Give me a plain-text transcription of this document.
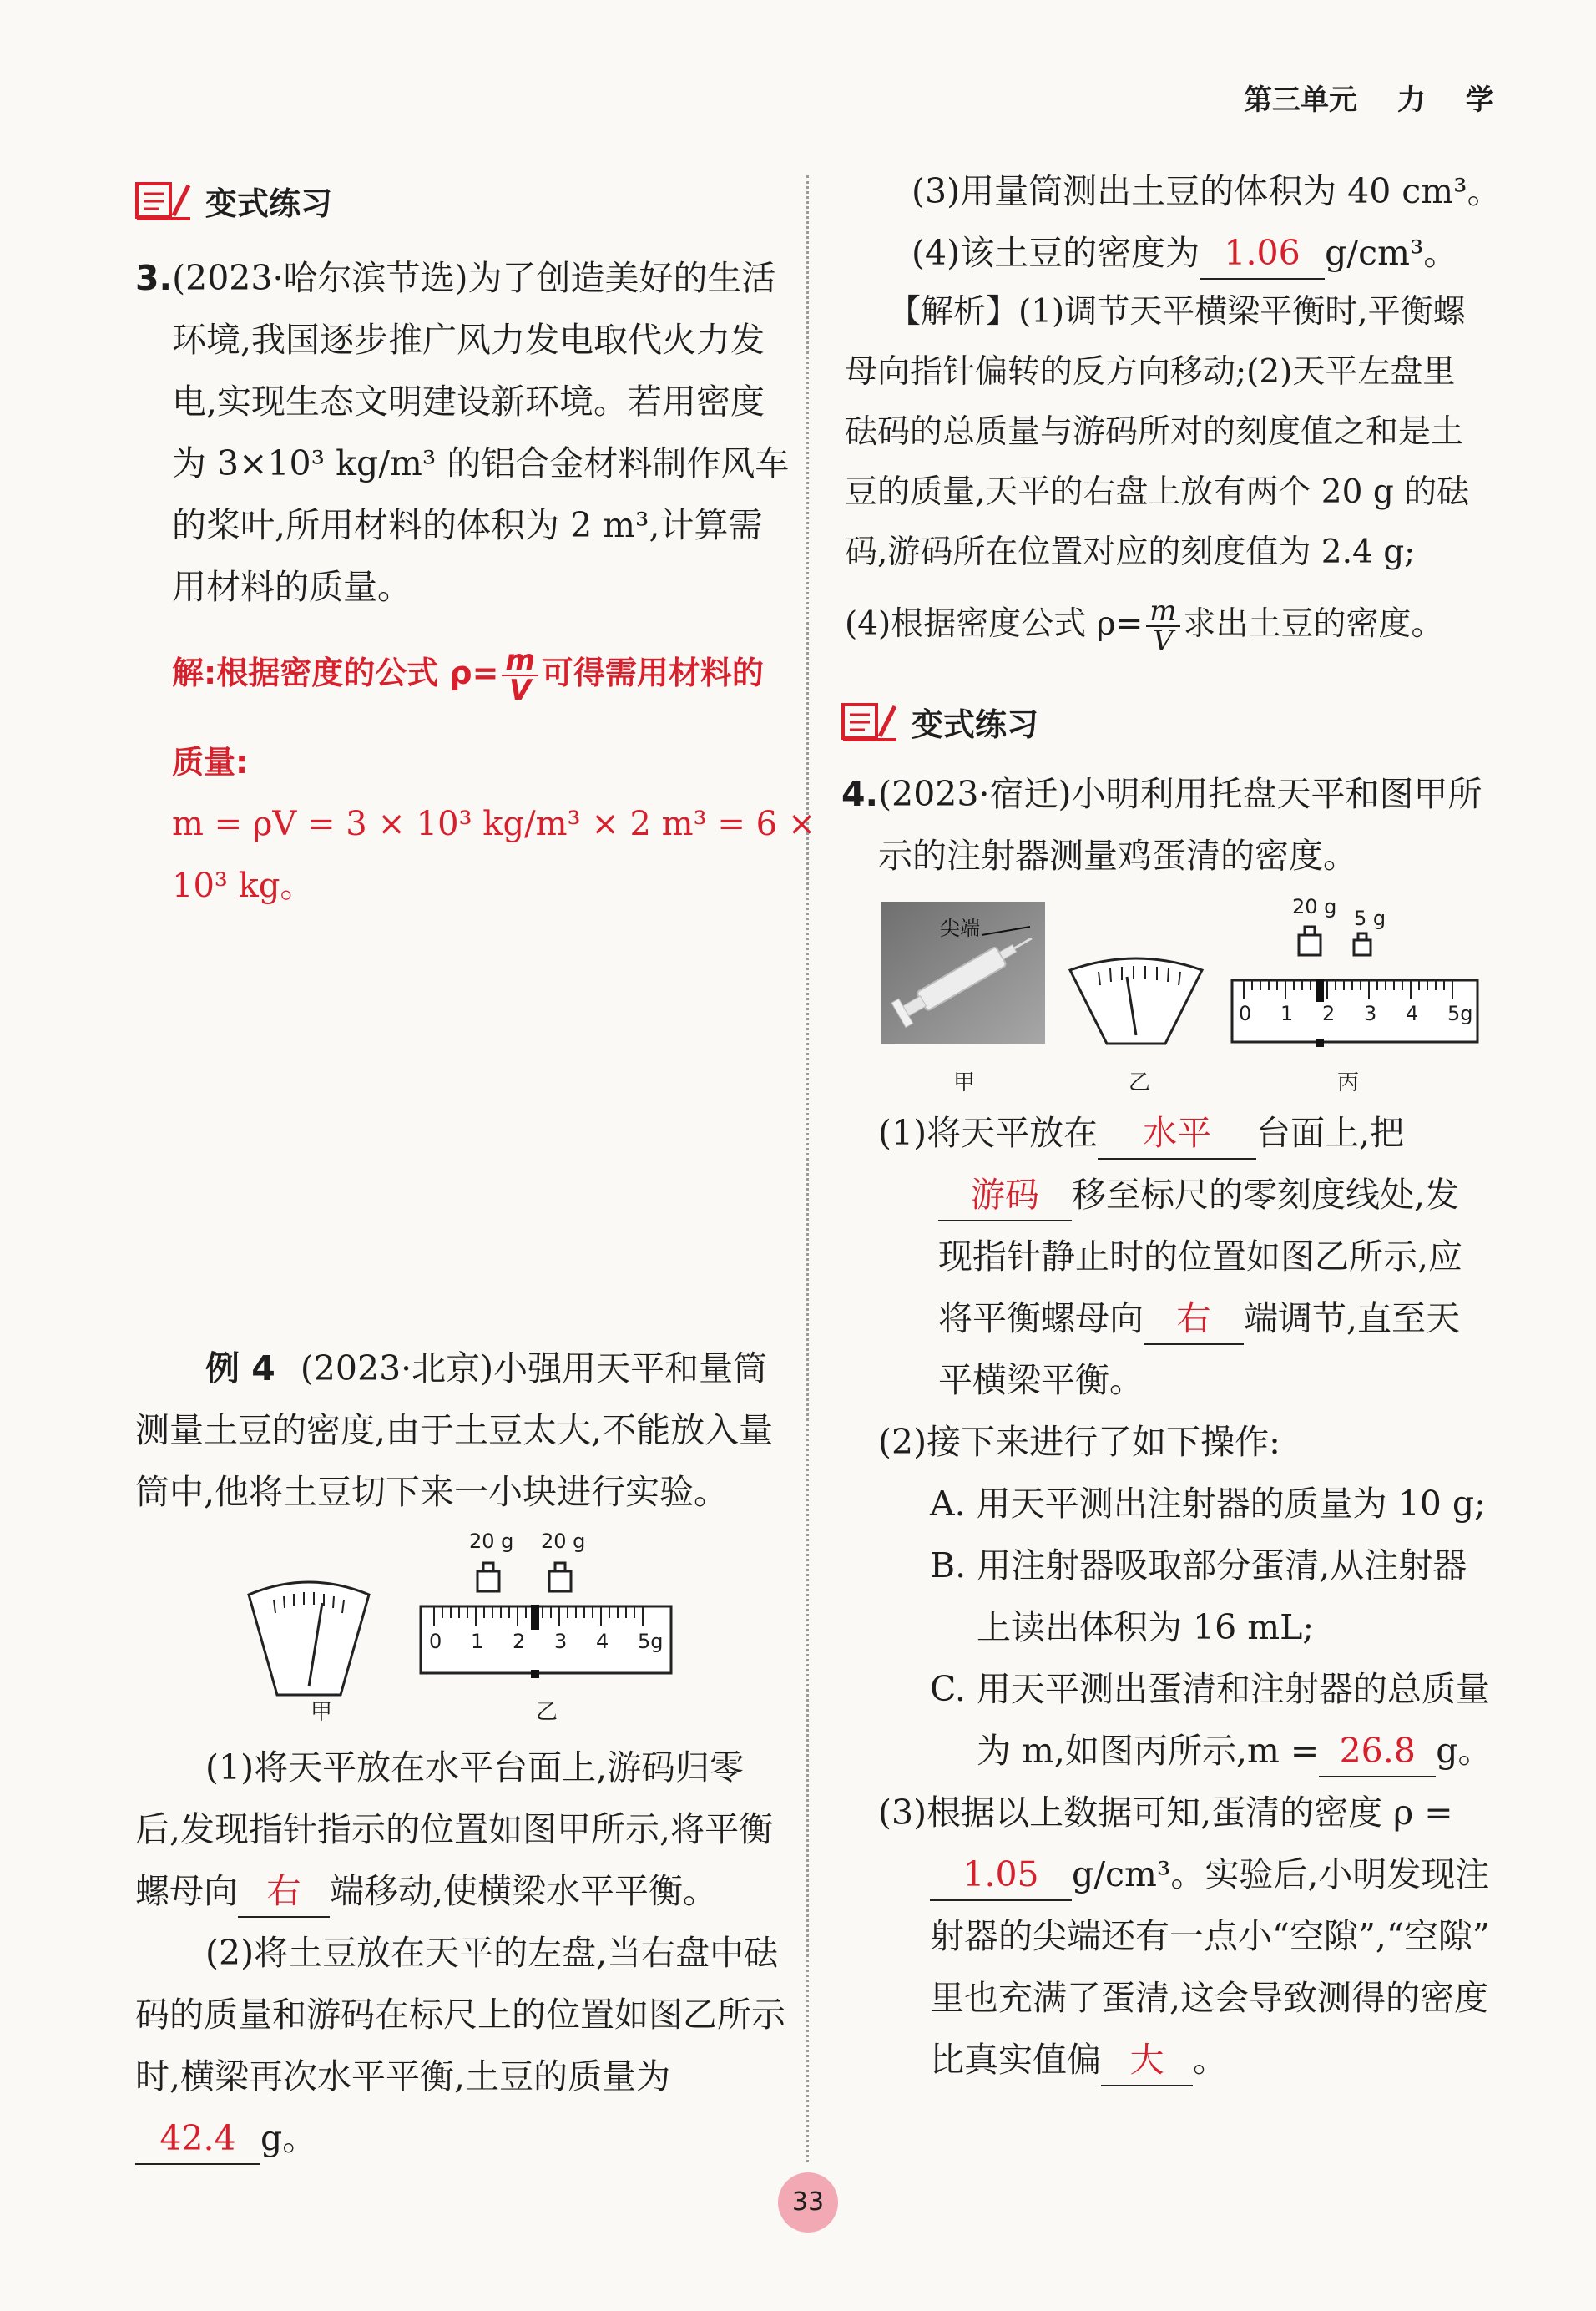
第三单元 力 学
变式练习
3.(2023·哈尔滨节选)为了创造美好的生活
环境,我国逐步推广风力发电取代火力发
电,实现生态文明建设新环境。若用密度
为 3×10³ kg/m³ 的铝合金材料制作风车
的桨叶,所用材料的体积为 2 m³,计算需
用材料的质量。
解:根据密度的公式 $\rho= \frac{m}{V}$ 可得需用材料的
质量:
m = ρV = 3 × 10³ kg/m³ × 2 m³ = 6 ×
10³ kg。
例 4 (2023·北京)小强用天平和量筒
测量土豆的密度,由于土豆太大,不能放入量
筒中,他将土豆切下来一小块进行实验。
甲
20 g 20 g
0	1	2	3	4	5g
乙
(1)将天平放在水平台面上,游码归零
后,发现指针指示的位置如图甲所示,将平衡
螺母向 右 端移动,使横梁水平平衡。
(2)将土豆放在天平的左盘,当右盘中砝
码的质量和游码在标尺上的位置如图乙所示
时,横梁再次水平平衡,土豆的质量为
42.4 g。
(3)用量筒测出土豆的体积为 40 cm³。
(4)该土豆的密度为 1.06 g/cm³。
【解析】(1)调节天平横梁平衡时,平衡螺
母向指针偏转的反方向移动;(2)天平左盘里
砝码的总质量与游码所对的刻度值之和是土
豆的质量,天平的右盘上放有两个 20 g 的砝
码,游码所在位置对应的刻度值为 2.4 g;
(4)根据密度公式 $\rho= \frac{m}{V}$ 求出土豆的密度。
变式练习
4.(2023·宿迁)小明利用托盘天平和图甲所
示的注射器测量鸡蛋清的密度。
尖端
甲	乙
20 g 5 g
0	1	2	3	4	5g
丙
(1)将天平放在 水平 台面上,把
游码 移至标尺的零刻度线处,发
现指针静止时的位置如图乙所示,应
将平衡螺母向 右 端调节,直至天
平横梁平衡。
(2)接下来进行了如下操作:
A. 用天平测出注射器的质量为 10 g;
B. 用注射器吸取部分蛋清,从注射器
上读出体积为 16 mL;
C. 用天平测出蛋清和注射器的总质量
为 m,如图丙所示,m = 26.8 g。
(3)根据以上数据可知,蛋清的密度 ρ =
1.05 g/cm³。实验后,小明发现注
射器的尖端还有一点小“空隙”,“空隙”
里也充满了蛋清,这会导致测得的密度
比真实值偏 大 。
33
